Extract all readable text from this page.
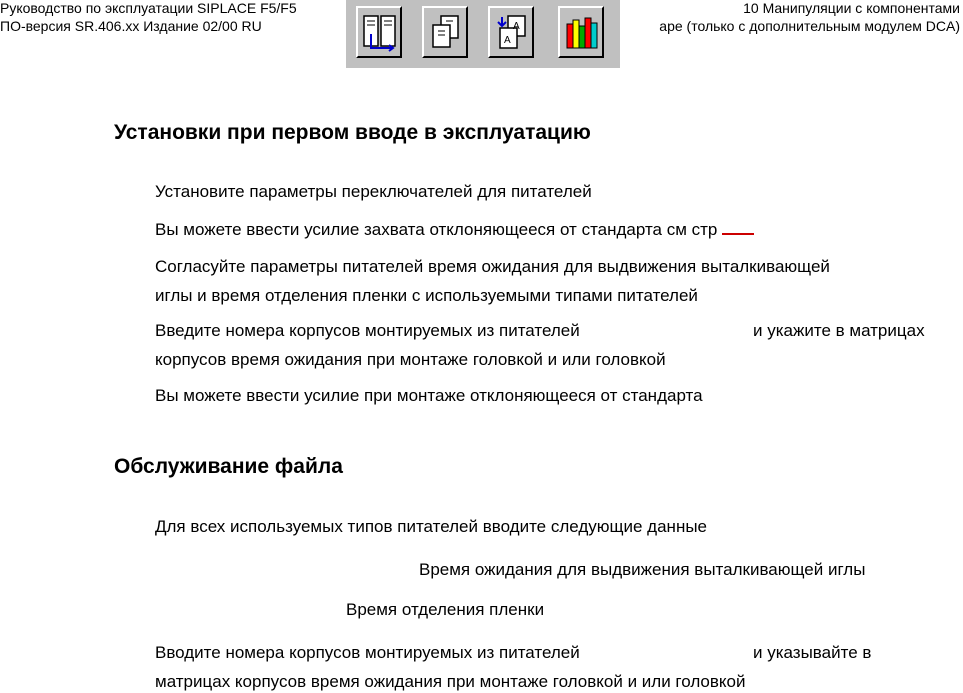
Руководство по эксплуатации SIPLACE F5/F5
ПО-версия SR.406.xx Издание 02/00 RU
10 Манипуляции с компонентами
аре (только с дополнительным модулем DCA)
A
A
Установки при первом вводе в эксплуатацию
Установите параметры переключателей для питателей
Вы можете ввести усилие захвата отклоняющееся от стандарта см стр
Согласуйте параметры питателей время ожидания для выдвижения выталкивающей
иглы и время отделения пленки с используемыми типами питателей
Введите номера корпусов монтируемых из питателей	и укажите в матрицах
корпусов время ожидания при монтаже головкой и или головкой
Вы можете ввести усилие при монтаже отклоняющееся от стандарта
Обслуживание файла
Для всех используемых типов питателей вводите следующие данные
Время ожидания для выдвижения выталкивающей иглы
Время отделения пленки
Вводите номера корпусов монтируемых из питателей	и указывайте в
матрицах корпусов время ожидания при монтаже головкой и или головкой
